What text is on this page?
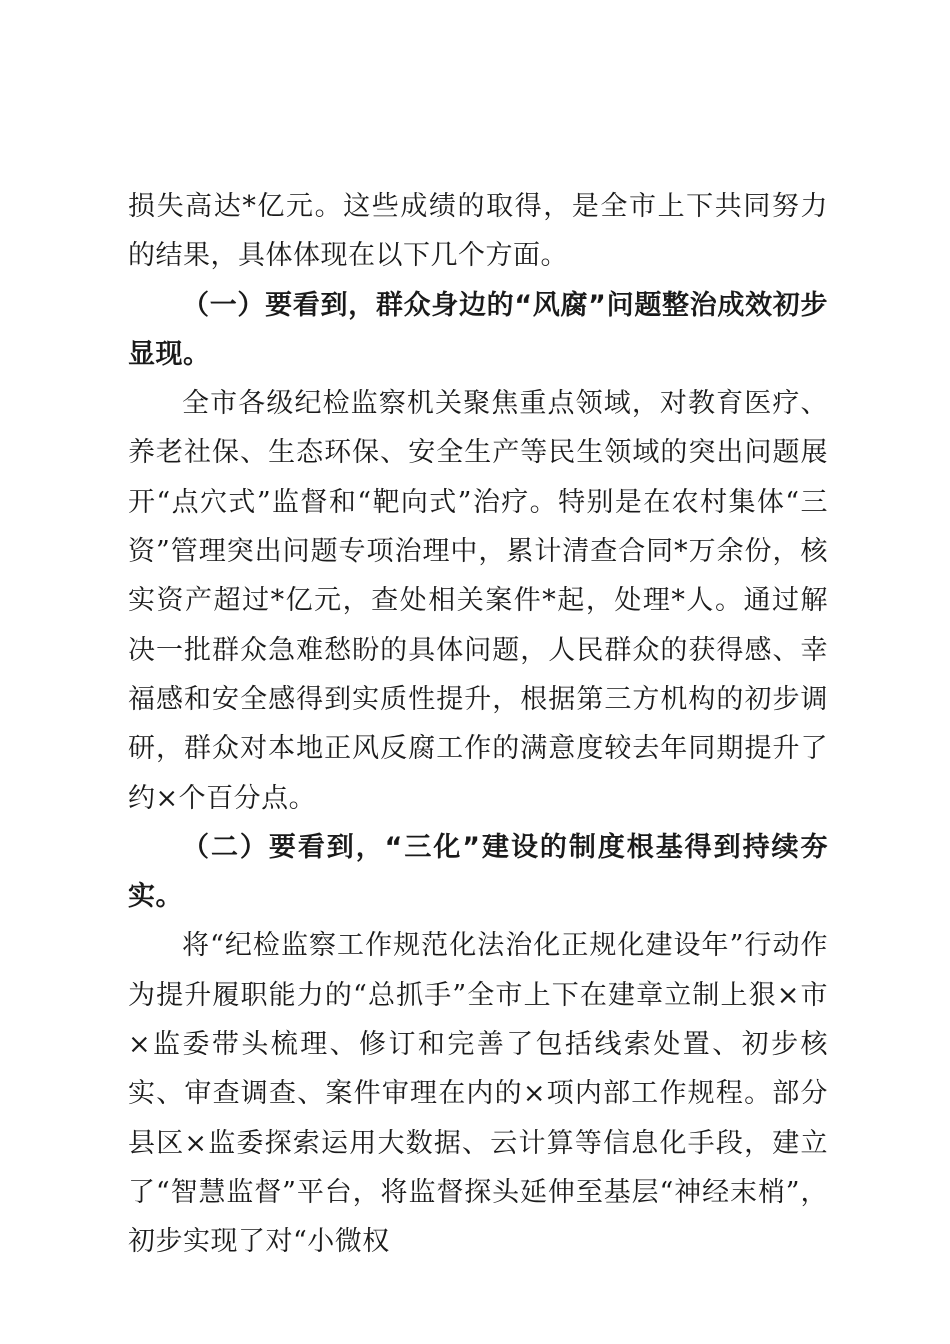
损失高达*亿元。这些成绩的取得，是全市上下共同努力的结果，具体体现在以下几个方面。

（一）要看到，群众身边的“风腐”问题整治成效初步显现。

全市各级纪检监察机关聚焦重点领域，对教育医疗、养老社保、生态环保、安全生产等民生领域的突出问题展开“点穴式”监督和“靶向式”治疗。特别是在农村集体“三资”管理突出问题专项治理中，累计清查合同*万余份，核实资产超过*亿元，查处相关案件*起，处理*人。通过解决一批群众急难愁盼的具体问题，人民群众的获得感、幸福感和安全感得到实质性提升，根据第三方机构的初步调研，群众对本地正风反腐工作的满意度较去年同期提升了约×个百分点。

（二）要看到，“三化”建设的制度根基得到持续夯实。

将“纪检监察工作规范化法治化正规化建设年”行动作为提升履职能力的“总抓手”全市上下在建章立制上狠×市×监委带头梳理、修订和完善了包括线索处置、初步核实、审查调查、案件审理在内的×项内部工作规程。部分县区×监委探索运用大数据、云计算等信息化手段，建立了“智慧监督”平台，将监督探头延伸至基层“神经末梢”，初步实现了对“小微权
